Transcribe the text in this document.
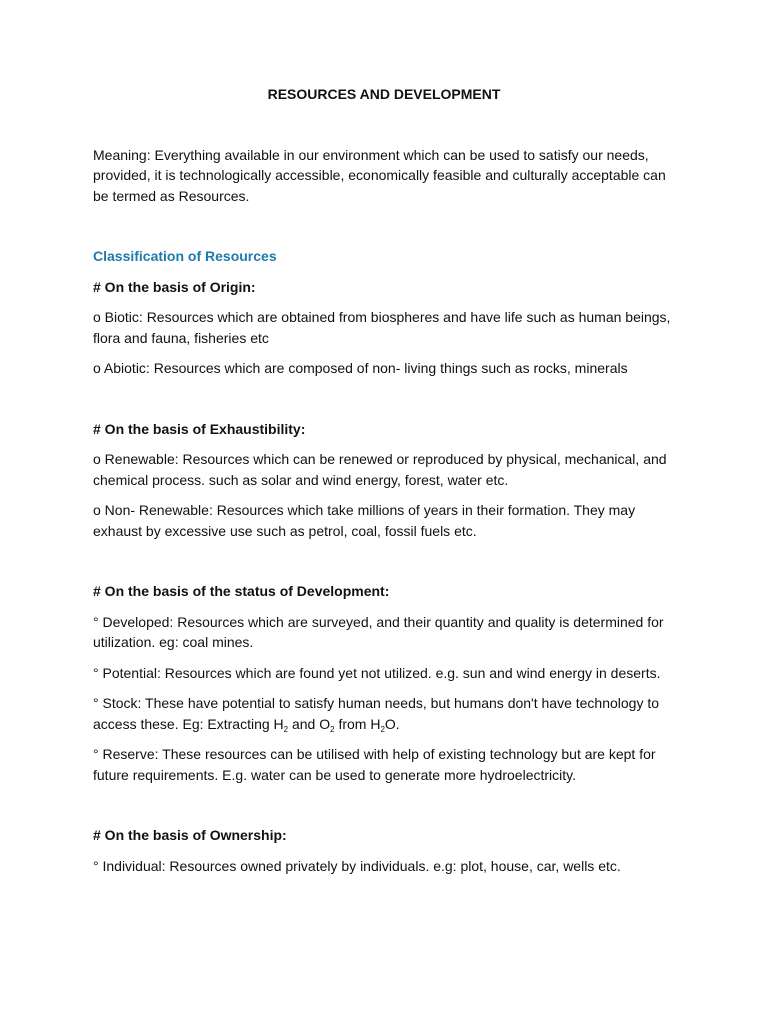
RESOURCES AND DEVELOPMENT

Meaning: Everything available in our environment which can be used to satisfy our needs, provided, it is technologically accessible, economically feasible and culturally acceptable can be termed as Resources.

Classification of Resources

# On the basis of Origin:

o Biotic: Resources which are obtained from biospheres and have life such as human beings, flora and fauna, fisheries etc

o Abiotic: Resources which are composed of non- living things such as rocks, minerals

# On the basis of Exhaustibility:

o Renewable: Resources which can be renewed or reproduced by physical, mechanical, and chemical process. such as solar and wind energy, forest, water etc.

o Non- Renewable: Resources which take millions of years in their formation. They may exhaust by excessive use such as petrol, coal, fossil fuels etc.

# On the basis of the status of Development:

° Developed: Resources which are surveyed, and their quantity and quality is determined for utilization. eg: coal mines.

° Potential: Resources which are found yet not utilized. e.g. sun and wind energy in deserts.

° Stock: These have potential to satisfy human needs, but humans don't have technology to access these. Eg: Extracting $H_2$ and $O_2$ from $H_2O$.

° Reserve: These resources can be utilised with help of existing technology but are kept for future requirements. E.g. water can be used to generate more hydroelectricity.

# On the basis of Ownership:

° Individual: Resources owned privately by individuals. e.g: plot, house, car, wells etc.
